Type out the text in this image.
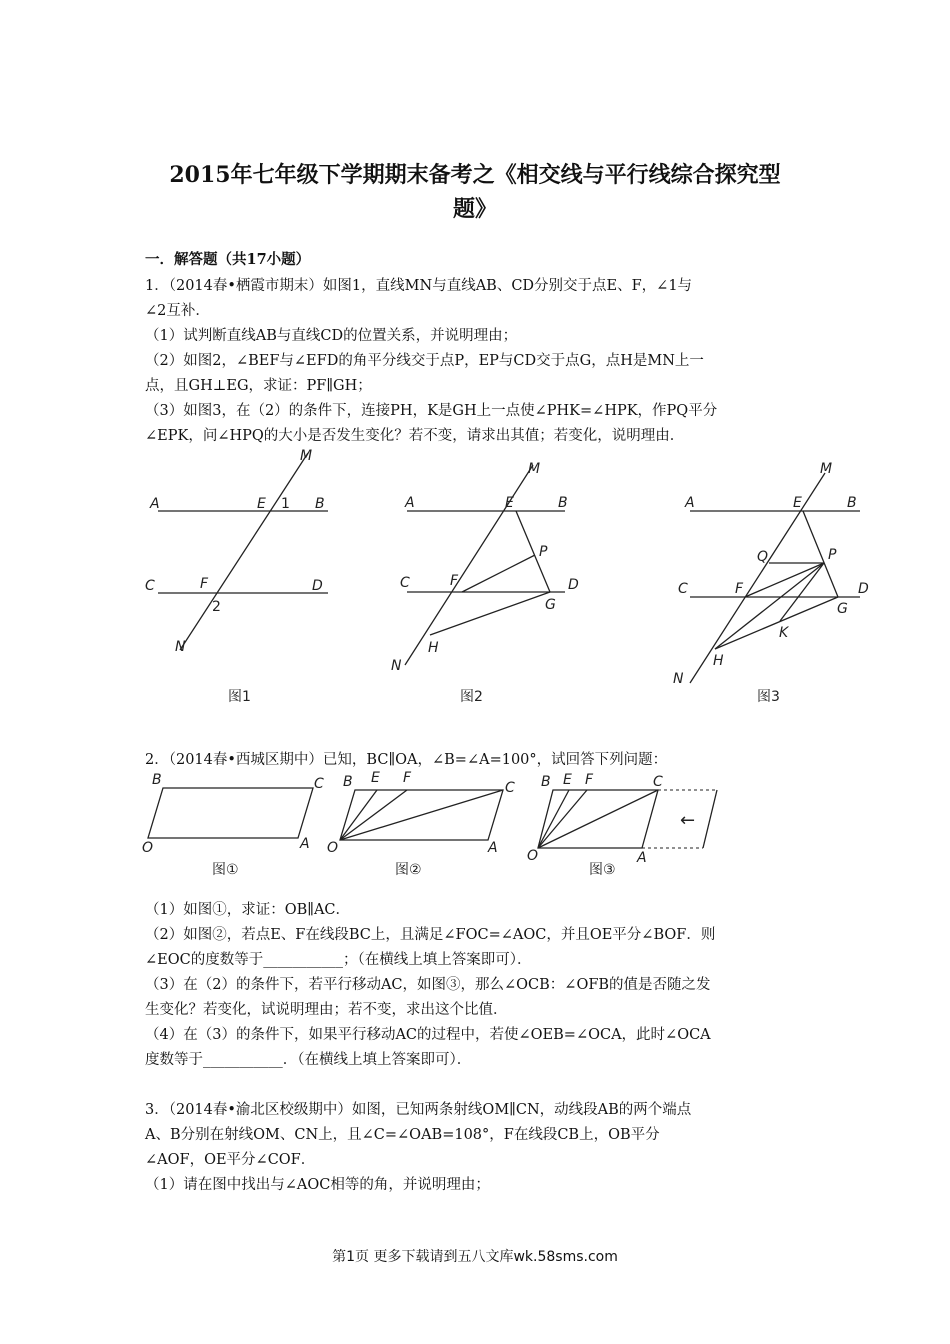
2015年七年级下学期期末备考之《相交线与平行线综合探究型
题》
一．解答题（共17小题）
1．（2014春•栖霞市期末）如图1，直线MN与直线AB、CD分别交于点E、F，∠1与
∠2互补．
（1）试判断直线AB与直线CD的位置关系，并说明理由；
（2）如图2，∠BEF与∠EFD的角平分线交于点P，EP与CD交于点G，点H是MN上一
点，且GH⊥EG，求证：PF∥GH；
（3）如图3，在（2）的条件下，连接PH，K是GH上一点使∠PHK=∠HPK，作PQ平分
∠EPK，问∠HPQ的大小是否发生变化？若不变，请求出其值；若变化，说明理由．
M
A	E 1 B
C	F	D
2
N
图1
M
A	E	B
P
C	F	D
G
H
N
图2
M
A	E	B
Q	P
C	F	D
G
K
H
N
图3
2．（2014春•西城区期中）已知，BC∥OA，∠B=∠A=100°，试回答下列问题：
B	C
O	A
图①
B E F
C
O	A
图②
B E F	C
O	A
←
图③
（1）如图①，求证：OB∥AC．
（2）如图②，若点E、F在线段BC上，且满足∠FOC=∠AOC，并且OE平分∠BOF．则
∠EOC的度数等于___________；（在横线上填上答案即可）．
（3）在（2）的条件下，若平行移动AC，如图③，那么∠OCB：∠OFB的值是否随之发
生变化？若变化，试说明理由；若不变，求出这个比值．
（4）在（3）的条件下，如果平行移动AC的过程中，若使∠OEB=∠OCA，此时∠OCA
度数等于___________．（在横线上填上答案即可）．
3．（2014春•渝北区校级期中）如图，已知两条射线OM∥CN，动线段AB的两个端点
A、B分别在射线OM、CN上，且∠C=∠OAB=108°，F在线段CB上，OB平分
∠AOF，OE平分∠COF．
（1）请在图中找出与∠AOC相等的角，并说明理由；
第1页 更多下载请到五八文库wk.58sms.com
